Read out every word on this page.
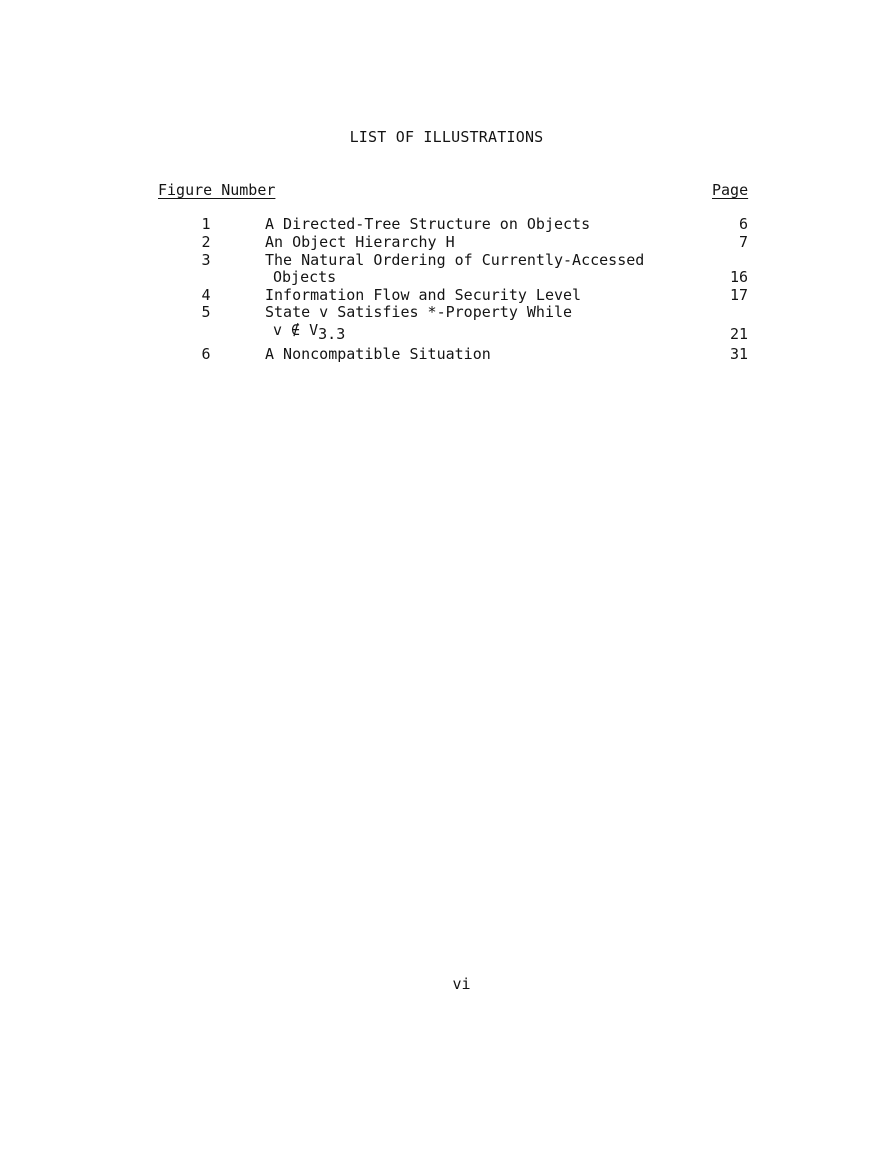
LIST OF ILLUSTRATIONS
Figure Number	Page
1	A Directed-Tree Structure on Objects	6
2	An Object Hierarchy H	7
3	The Natural Ordering of Currently-Accessed
Objects	16
4	Information Flow and Security Level	17
5	State v Satisfies *-Property While
v ∉ $V_{3.3}$	21
6	A Noncompatible Situation	31
vi
